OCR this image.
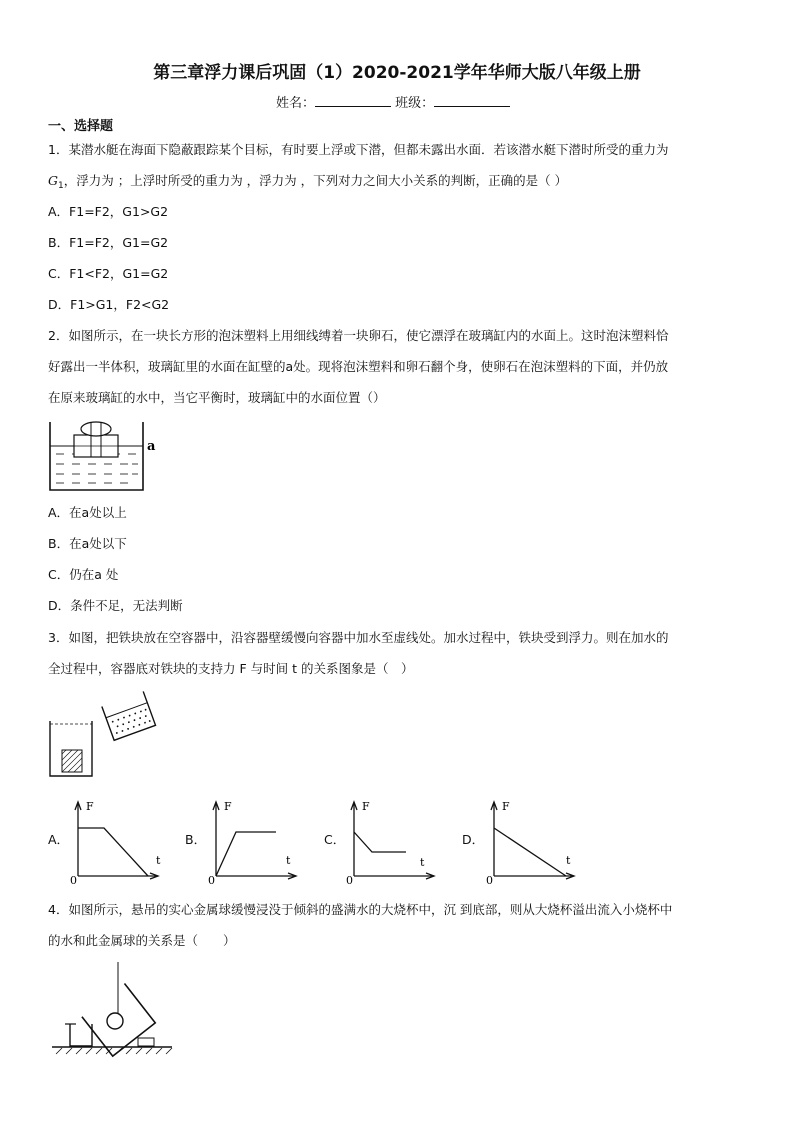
第三章浮力课后巩固（1）2020-2021学年华师大版八年级上册
姓名：	班级：
一、选择题
1．某潜水艇在海面下隐蔽跟踪某个目标，有时要上浮或下潜，但都未露出水面．若该潜水艇下潜时所受的重力为
$G_1$，浮力为 ；上浮时所受的重力为 ，浮力为 ，下列对力之间大小关系的判断，正确的是（ ）
A．F1=F2，G1>G2
B．F1=F2，G1=G2
C．F1<F2，G1=G2
D．F1>G1，F2<G2
2．如图所示，在一块长方形的泡沫塑料上用细线缚着一块卵石，使它漂浮在玻璃缸内的水面上。这时泡沫塑料恰
好露出一半体积，玻璃缸里的水面在缸壁的a处。现将泡沫塑料和卵石翻个身，使卵石在泡沫塑料的下面，并仍放
在原来玻璃缸的水中，当它平衡时，玻璃缸中的水面位置（）
a
A．在a处以上
B．在a处以下
C．仍在a 处
D．条件不足，无法判断
3．如图，把铁块放在空容器中，沿容器壁缓慢向容器中加水至虚线处。加水过程中，铁块受到浮力。则在加水的
全过程中，容器底对铁块的支持力 F 与时间 t 的关系图象是（　）
A．
F
t
0
B．
F
t
0
C．
F
t
0
D．
F
t
0
4．如图所示，悬吊的实心金属球缓慢浸没于倾斜的盛满水的大烧杯中，沉 到底部，则从大烧杯溢出流入小烧杯中
的水和此金属球的关系是（　　）
